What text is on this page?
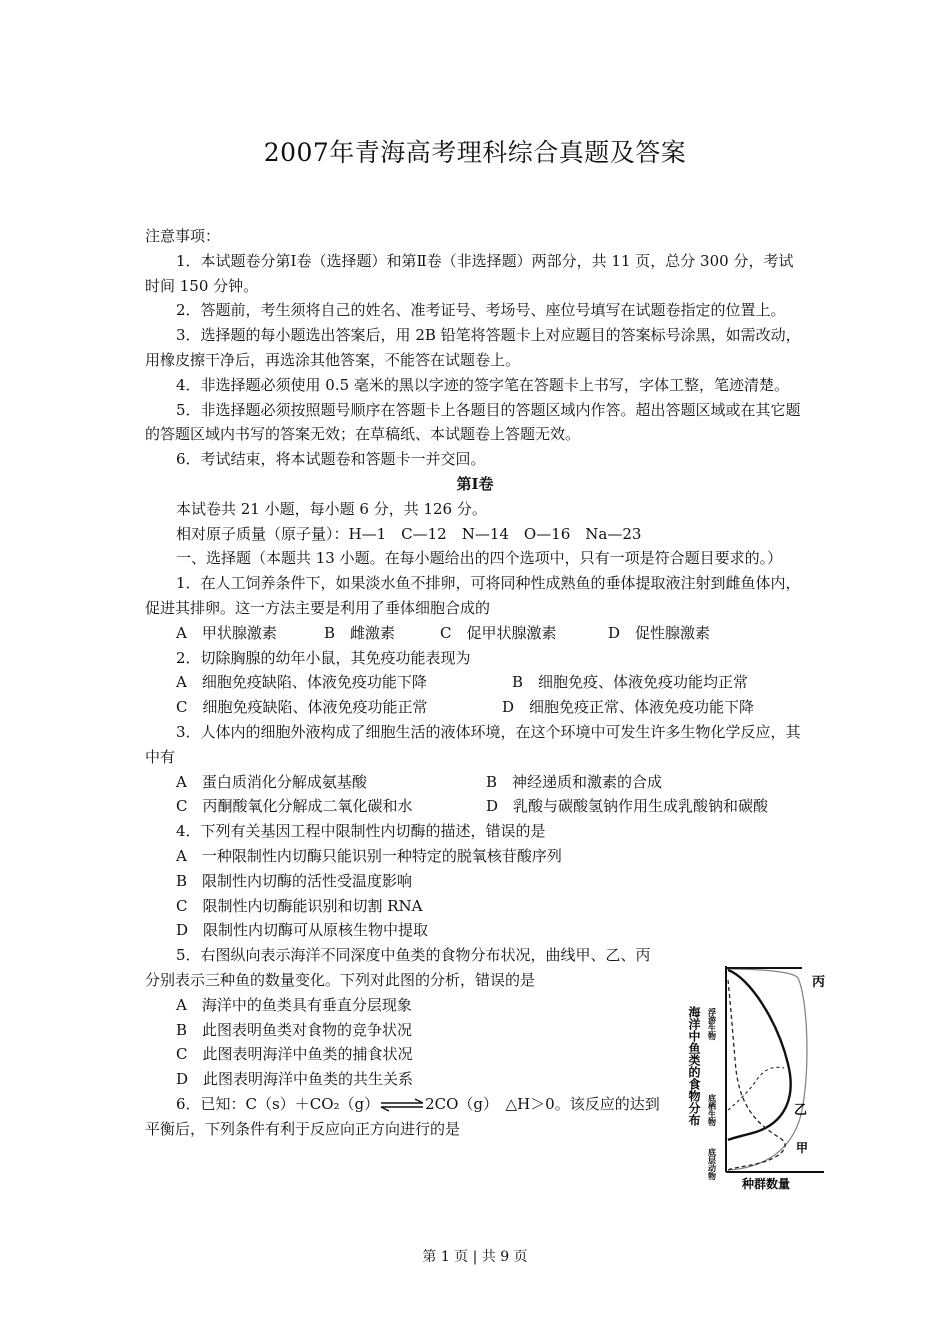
2007年青海高考理科综合真题及答案

注意事项：

1．本试题卷分第Ⅰ卷（选择题）和第Ⅱ卷（非选择题）两部分，共 11 页，总分 300 分，考试时间 150 分钟。

2．答题前，考生须将自己的姓名、准考证号、考场号、座位号填写在试题卷指定的位置上。

3．选择题的每小题选出答案后，用 2B 铅笔将答题卡上对应题目的答案标号涂黑，如需改动，用橡皮擦干净后，再选涂其他答案，不能答在试题卷上。

4．非选择题必须使用 0.5 毫米的黑以字迹的签字笔在答题卡上书写，字体工整，笔迹清楚。

5．非选择题必须按照题号顺序在答题卡上各题目的答题区域内作答。超出答题区域或在其它题的答题区域内书写的答案无效；在草稿纸、本试题卷上答题无效。

6．考试结束，将本试题卷和答题卡一并交回。

第Ⅰ卷

本试卷共 21 小题，每小题 6 分，共 126 分。

相对原子质量（原子量）：H—1　C—12　N—14　O—16　Na—23

一、选择题（本题共 13 小题。在每小题给出的四个选项中，只有一项是符合题目要求的。）

1．在人工饲养条件下，如果淡水鱼不排卵，可将同种性成熟鱼的垂体提取液注射到雌鱼体内，促进其排卵。这一方法主要是利用了垂体细胞合成的

A　甲状腺激素	B　雌激素	C　促甲状腺激素	D　促性腺激素

2．切除胸腺的幼年小鼠，其免疫功能表现为

A　细胞免疫缺陷、体液免疫功能下降	B　细胞免疫、体液免疫功能均正常

C　细胞免疫缺陷、体液免疫功能正常	D　细胞免疫正常、体液免疫功能下降

3．人体内的细胞外液构成了细胞生活的液体环境，在这个环境中可发生许多生物化学反应，其中有

A　蛋白质消化分解成氨基酸	B　神经递质和激素的合成

C　丙酮酸氧化分解成二氧化碳和水	D　乳酸与碳酸氢钠作用生成乳酸钠和碳酸

4．下列有关基因工程中限制性内切酶的描述，错误的是

A　一种限制性内切酶只能识别一种特定的脱氧核苷酸序列

B　限制性内切酶的活性受温度影响

C　限制性内切酶能识别和切割 RNA

D　限制性内切酶可从原核生物中提取

5．右图纵向表示海洋不同深度中鱼类的食物分布状况，曲线甲、乙、丙分别表示三种鱼的数量变化。下列对此图的分析，错误的是

A　海洋中的鱼类具有垂直分层现象

B　此图表明鱼类对食物的竞争状况

C　此图表明海洋中鱼类的捕食状况

D　此图表明海洋中鱼类的共生关系

6．已知：C（s）＋CO₂（g）⇌2CO（g）　△H＞0。该反应的达到平衡后，下列条件有利于反应向正方向进行的是

海洋中鱼类的食物分布 浮游生物
底栖生物
底层动物
丙
乙
甲
种群数量
第 1 页 | 共 9 页
